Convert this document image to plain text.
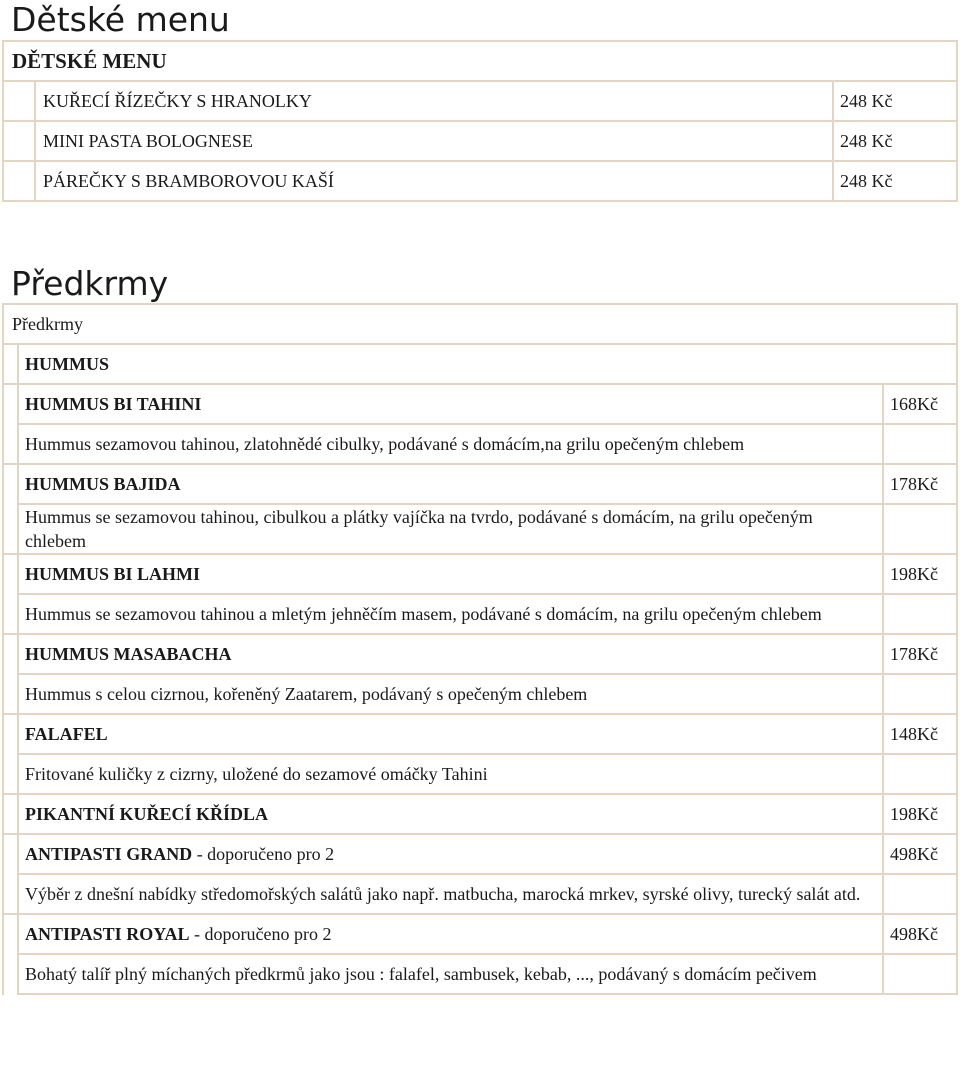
Dětské menu
DĚTSKÉ MENU		
	KUŘECÍ ŘÍZEČKY S HRANOLKY	248 Kč
	MINI PASTA BOLOGNESE	248 Kč
	PÁREČKY S BRAMBOROVOU KAŠÍ	248 Kč
Předkrmy
Předkrmy		
	HUMMUS	
	HUMMUS BI TAHINI	168Kč
	Hummus sezamovou tahinou, zlatohnědé cibulky, podávané s domácím,na grilu opečeným chlebem	
	HUMMUS BAJIDA	178Kč
	Hummus se sezamovou tahinou, cibulkou a plátky vajíčka na tvrdo, podávané s domácím, na grilu opečeným chlebem	
	HUMMUS BI LAHMI	198Kč
	Hummus se sezamovou tahinou a mletým jehněčím masem, podávané s domácím, na grilu opečeným chlebem	
	HUMMUS MASABACHA	178Kč
	Hummus s celou cizrnou, kořeněný Zaatarem, podávaný s opečeným chlebem	
	FALAFEL	148Kč
	Fritované kuličky z cizrny, uložené do sezamové omáčky Tahini	
	PIKANTNÍ KUŘECÍ KŘÍDLA	198Kč
	ANTIPASTI GRAND - doporučeno pro 2	498Kč
	Výběr z dnešní nabídky středomořských salátů jako např. matbucha, marocká mrkev, syrské olivy, turecký salát atd.	
	ANTIPASTI ROYAL - doporučeno pro 2	498Kč
	Bohatý talíř plný míchaných předkrmů jako jsou : falafel, sambusek, kebab, ..., podávaný s domácím pečivem	
